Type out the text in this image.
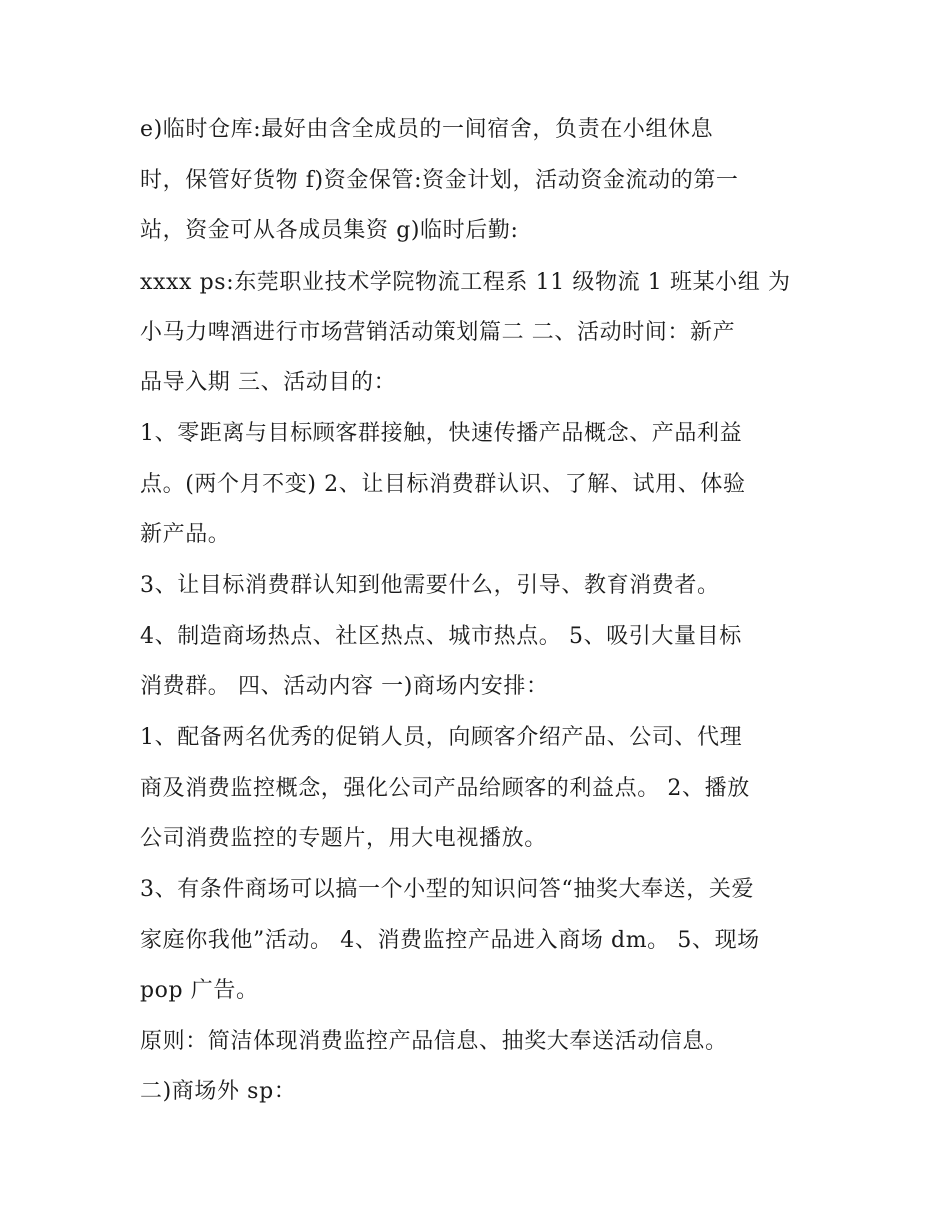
e)临时仓库:最好由含全成员的一间宿舍，负责在小组休息
时，保管好货物 f)资金保管:资金计划，活动资金流动的第一
站，资金可从各成员集资 g)临时后勤:
xxxx ps:东莞职业技术学院物流工程系 11 级物流 1 班某小组 为
小马力啤酒进行市场营销活动策划篇二 二、活动时间：新产
品导入期 三、活动目的：
1、零距离与目标顾客群接触，快速传播产品概念、产品利益
点。(两个月不变) 2、让目标消费群认识、了解、试用、体验
新产品。
3、让目标消费群认知到他需要什么，引导、教育消费者。
4、制造商场热点、社区热点、城市热点。 5、吸引大量目标
消费群。 四、活动内容 一)商场内安排：
1、配备两名优秀的促销人员，向顾客介绍产品、公司、代理
商及消费监控概念，强化公司产品给顾客的利益点。 2、播放
公司消费监控的专题片，用大电视播放。
3、有条件商场可以搞一个小型的知识问答“抽奖大奉送，关爱
家庭你我他”活动。 4、消费监控产品进入商场 dm。 5、现场
pop 广告。
原则：简洁体现消费监控产品信息、抽奖大奉送活动信息。
二)商场外 sp：
